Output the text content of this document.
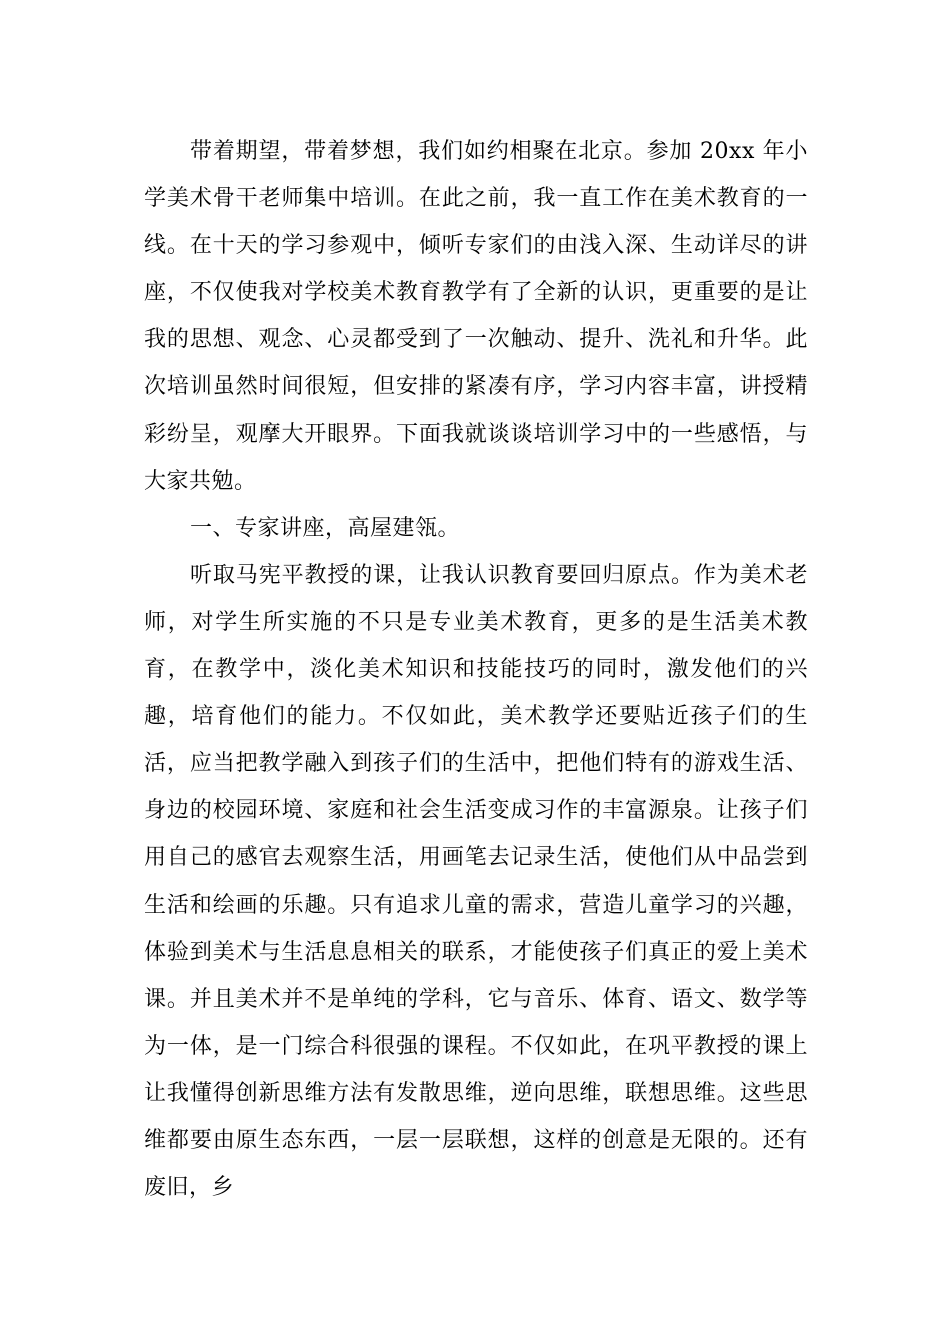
带着期望，带着梦想，我们如约相聚在北京。参加 20xx 年小学美术骨干老师集中培训。在此之前，我一直工作在美术教育的一线。在十天的学习参观中，倾听专家们的由浅入深、生动详尽的讲座，不仅使我对学校美术教育教学有了全新的认识，更重要的是让我的思想、观念、心灵都受到了一次触动、提升、洗礼和升华。此次培训虽然时间很短，但安排的紧凑有序，学习内容丰富，讲授精彩纷呈，观摩大开眼界。下面我就谈谈培训学习中的一些感悟，与大家共勉。

一、专家讲座，高屋建瓴。

听取马宪平教授的课，让我认识教育要回归原点。作为美术老师，对学生所实施的不只是专业美术教育，更多的是生活美术教育，在教学中，淡化美术知识和技能技巧的同时，激发他们的兴趣，培育他们的能力。不仅如此，美术教学还要贴近孩子们的生活，应当把教学融入到孩子们的生活中，把他们特有的游戏生活、身边的校园环境、家庭和社会生活变成习作的丰富源泉。让孩子们用自己的感官去观察生活，用画笔去记录生活，使他们从中品尝到生活和绘画的乐趣。只有追求儿童的需求，营造儿童学习的兴趣，体验到美术与生活息息相关的联系，才能使孩子们真正的爱上美术课。并且美术并不是单纯的学科，它与音乐、体育、语文、数学等为一体，是一门综合科很强的课程。不仅如此，在巩平教授的课上让我懂得创新思维方法有发散思维，逆向思维，联想思维。这些思维都要由原生态东西，一层一层联想，这样的创意是无限的。还有废旧，乡
